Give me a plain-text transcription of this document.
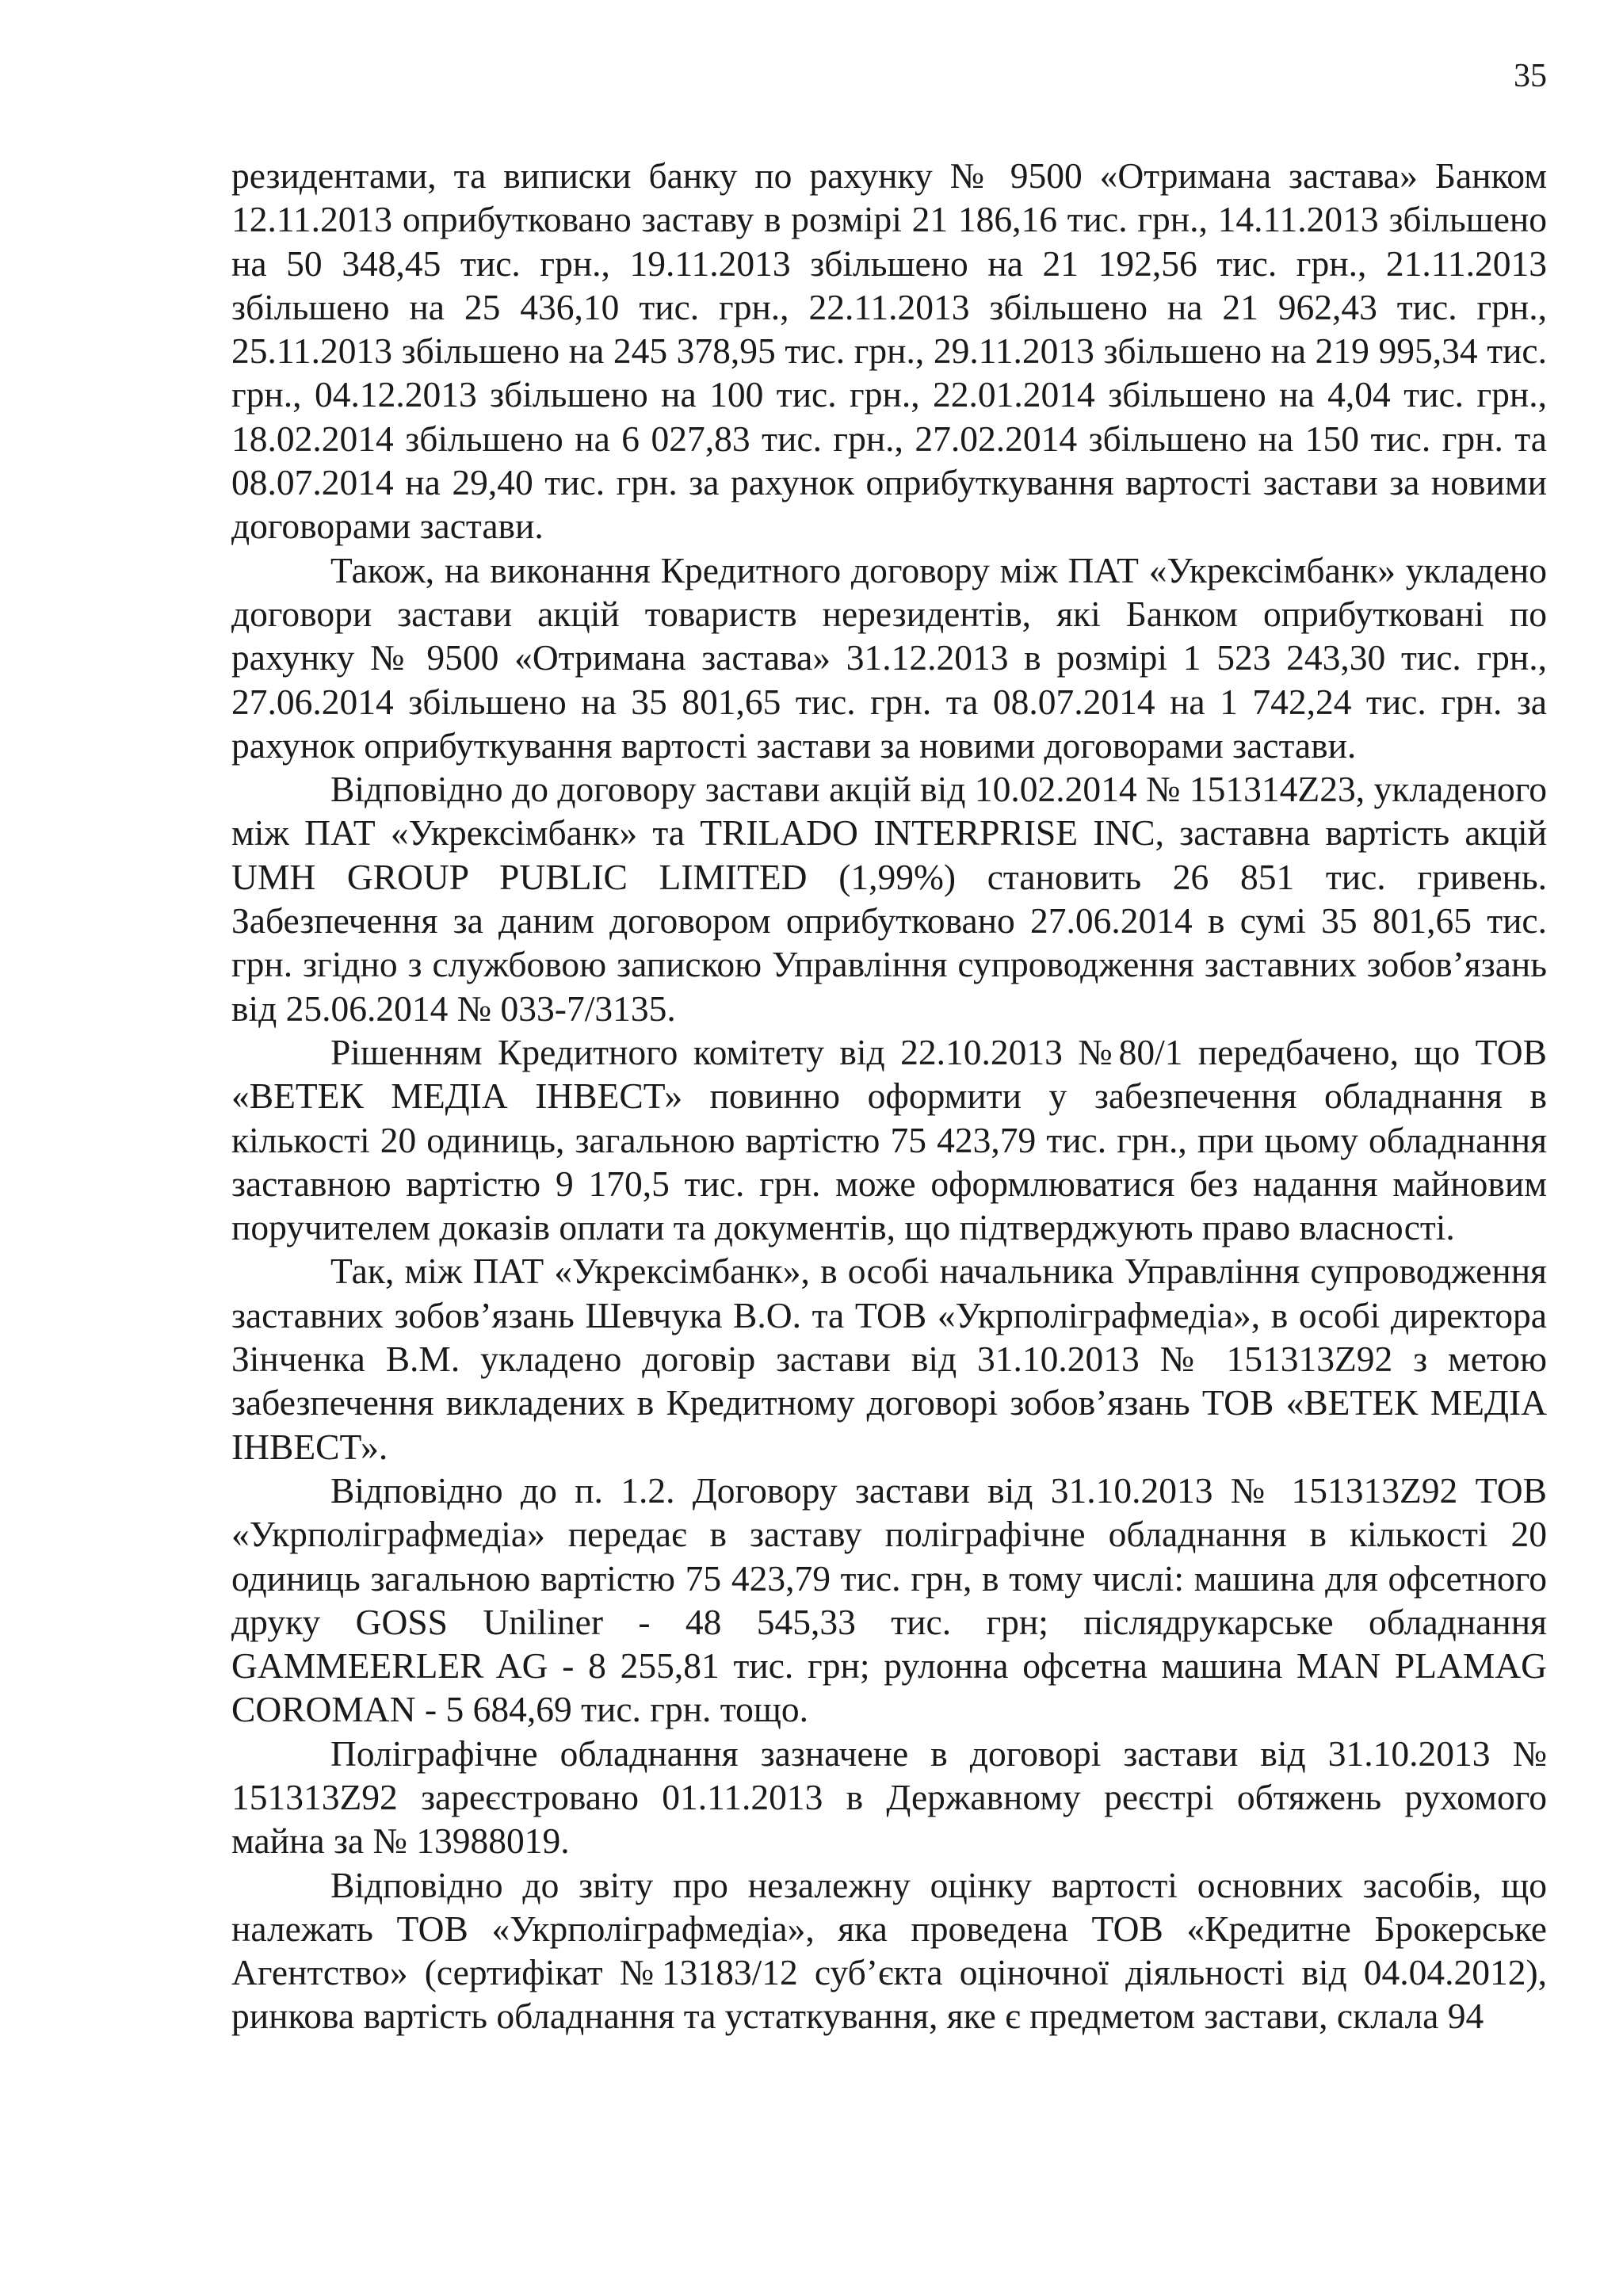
35

резидентами, та виписки банку по рахунку № 9500 «Отримана застава» Банком 12.11.2013 оприбутковано заставу в розмірі 21 186,16 тис. грн., 14.11.2013 збільшено на 50 348,45 тис. грн., 19.11.2013 збільшено на 21 192,56 тис. грн., 21.11.2013 збільшено на 25 436,10 тис. грн., 22.11.2013 збільшено на 21 962,43 тис. грн., 25.11.2013 збільшено на 245 378,95 тис. грн., 29.11.2013 збільшено на 219 995,34 тис. грн., 04.12.2013 збільшено на 100 тис. грн., 22.01.2014 збільшено на 4,04 тис. грн., 18.02.2014 збільшено на 6 027,83 тис. грн., 27.02.2014 збільшено на 150 тис. грн. та 08.07.2014 на 29,40 тис. грн. за рахунок оприбуткування вартості застави за новими договорами застави.

Також, на виконання Кредитного договору між ПАТ «Укрексімбанк» укладено договори застави акцій товариств нерезидентів, які Банком оприбутковані по рахунку № 9500 «Отримана застава» 31.12.2013 в розмірі 1 523 243,30 тис. грн., 27.06.2014 збільшено на 35 801,65 тис. грн. та 08.07.2014 на 1 742,24 тис. грн. за рахунок оприбуткування вартості застави за новими договорами застави.

Відповідно до договору застави акцій від 10.02.2014 № 151314Z23, укладеного між ПАТ «Укрексімбанк» та TRILADO INTERPRISE INC, заставна вартість акцій UMH GROUP PUBLIC LIMITED (1,99%) становить 26 851 тис. гривень. Забезпечення за даним договором оприбутковано 27.06.2014 в сумі 35 801,65 тис. грн. згідно з службовою запискою Управління супроводження заставних зобов’язань від 25.06.2014 № 033-7/3135.

Рішенням Кредитного комітету від 22.10.2013 №80/1 передбачено, що ТОВ «ВЕТЕК МЕДІА ІНВЕСТ» повинно оформити у забезпечення обладнання в кількості 20 одиниць, загальною вартістю 75 423,79 тис. грн., при цьому обладнання заставною вартістю 9 170,5 тис. грн. може оформлюватися без надання майновим поручителем доказів оплати та документів, що підтверджують право власності.

Так, між ПАТ «Укрексімбанк», в особі начальника Управління супроводження заставних зобов’язань Шевчука В.О. та ТОВ «Укрполіграфмедіа», в особі директора Зінченка В.М. укладено договір застави від 31.10.2013 № 151313Z92 з метою забезпечення викладених в Кредитному договорі зобов’язань ТОВ «ВЕТЕК МЕДІА ІНВЕСТ».

Відповідно до п. 1.2. Договору застави від 31.10.2013 № 151313Z92 ТОВ «Укрполіграфмедіа» передає в заставу поліграфічне обладнання в кількості 20 одиниць загальною вартістю 75 423,79 тис. грн, в тому числі: машина для офсетного друку GOSS Uniliner - 48 545,33 тис. грн; післядрукарське обладнання GAMMEERLER AG - 8 255,81 тис. грн; рулонна офсетна машина MAN PLAMAG COROMAN - 5 684,69 тис. грн. тощо.

Поліграфічне обладнання зазначене в договорі застави від 31.10.2013 № 151313Z92 зареєстровано 01.11.2013 в Державному реєстрі обтяжень рухомого майна за № 13988019.

Відповідно до звіту про незалежну оцінку вартості основних засобів, що належать ТОВ «Укрполіграфмедіа», яка проведена ТОВ «Кредитне Брокерське Агентство» (сертифікат №13183/12 суб’єкта оціночної діяльності від 04.04.2012), ринкова вартість обладнання та устаткування, яке є предметом застави, склала 94
